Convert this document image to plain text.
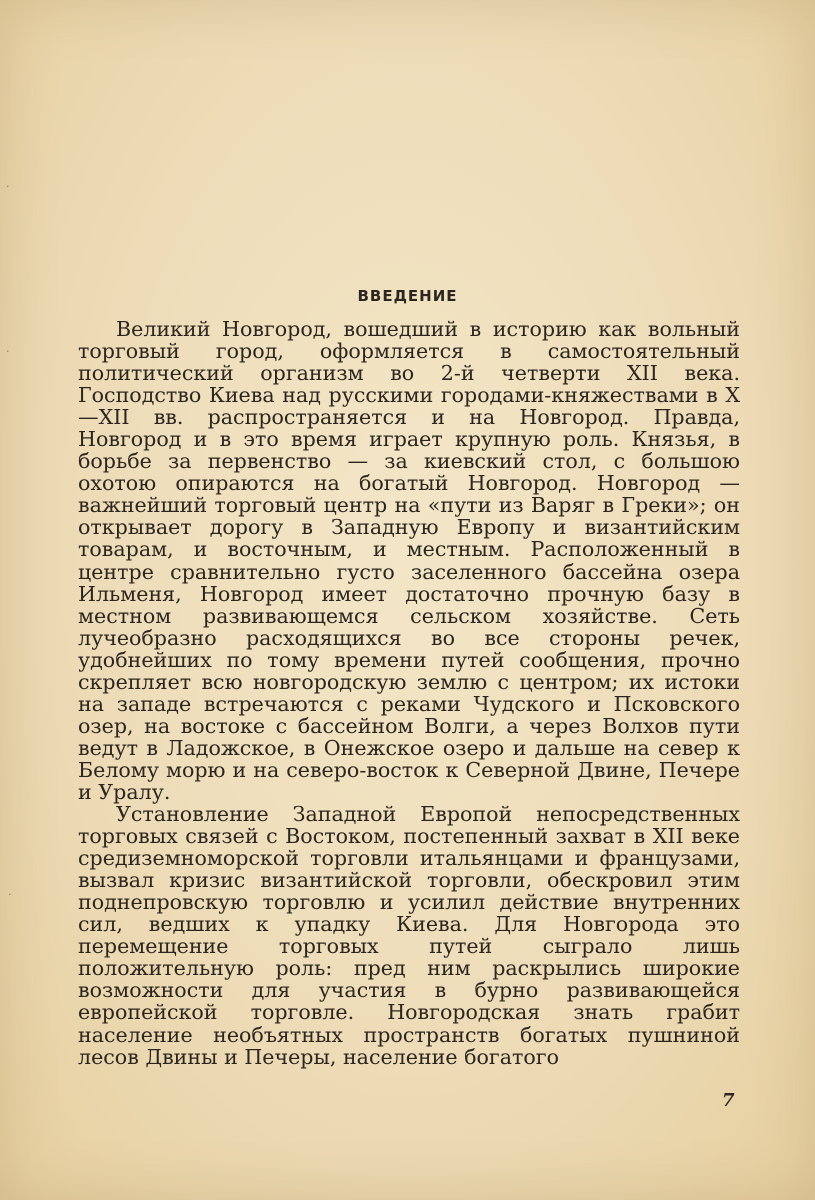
·
·
·
ВВЕДЕНИЕ

Великий Новгород, вошедший в историю как вольный торговый город, оформляется в самостоятельный политический организм во 2-й четверти XII века. Господство Киева над русскими городами-княжествами в X—XII вв. распространяется и на Новгород. Правда, Новгород и в это время играет крупную роль. Князья, в борьбе за первенство — за киевский стол, с большою охотою опираются на богатый Новгород. Новгород — важнейший торговый центр на «пути из Варяг в Греки»; он открывает дорогу в Западную Европу и византийским товарам, и восточным, и местным. Расположенный в центре сравнительно густо заселенного бассейна озера Ильменя, Новгород имеет достаточно прочную базу в местном развивающемся сельском хозяйстве. Сеть лучеобразно расходящихся во все стороны речек, удобнейших по тому времени путей сообщения, прочно скрепляет всю новгородскую землю с центром; их истоки на западе встречаются с реками Чудского и Псковского озер, на востоке с бассейном Волги, а через Волхов пути ведут в Ладожское, в Онежское озеро и дальше на север к Белому морю и на северо-восток к Северной Двине, Печере и Уралу.

Установление Западной Европой непосредственных торговых связей с Востоком, постепенный захват в XII веке средиземноморской торговли итальянцами и французами, вызвал кризис византийской торговли, обескровил этим поднепровскую торговлю и усилил действие внутренних сил, ведших к упадку Киева. Для Новгорода это перемещение торговых путей сыграло лишь положительную роль: пред ним раскрылись широкие возможности для участия в бурно развивающейся европейской торговле. Новгородская знать грабит население необъятных пространств богатых пушниной лесов Двины и Печеры, население богатого

7
